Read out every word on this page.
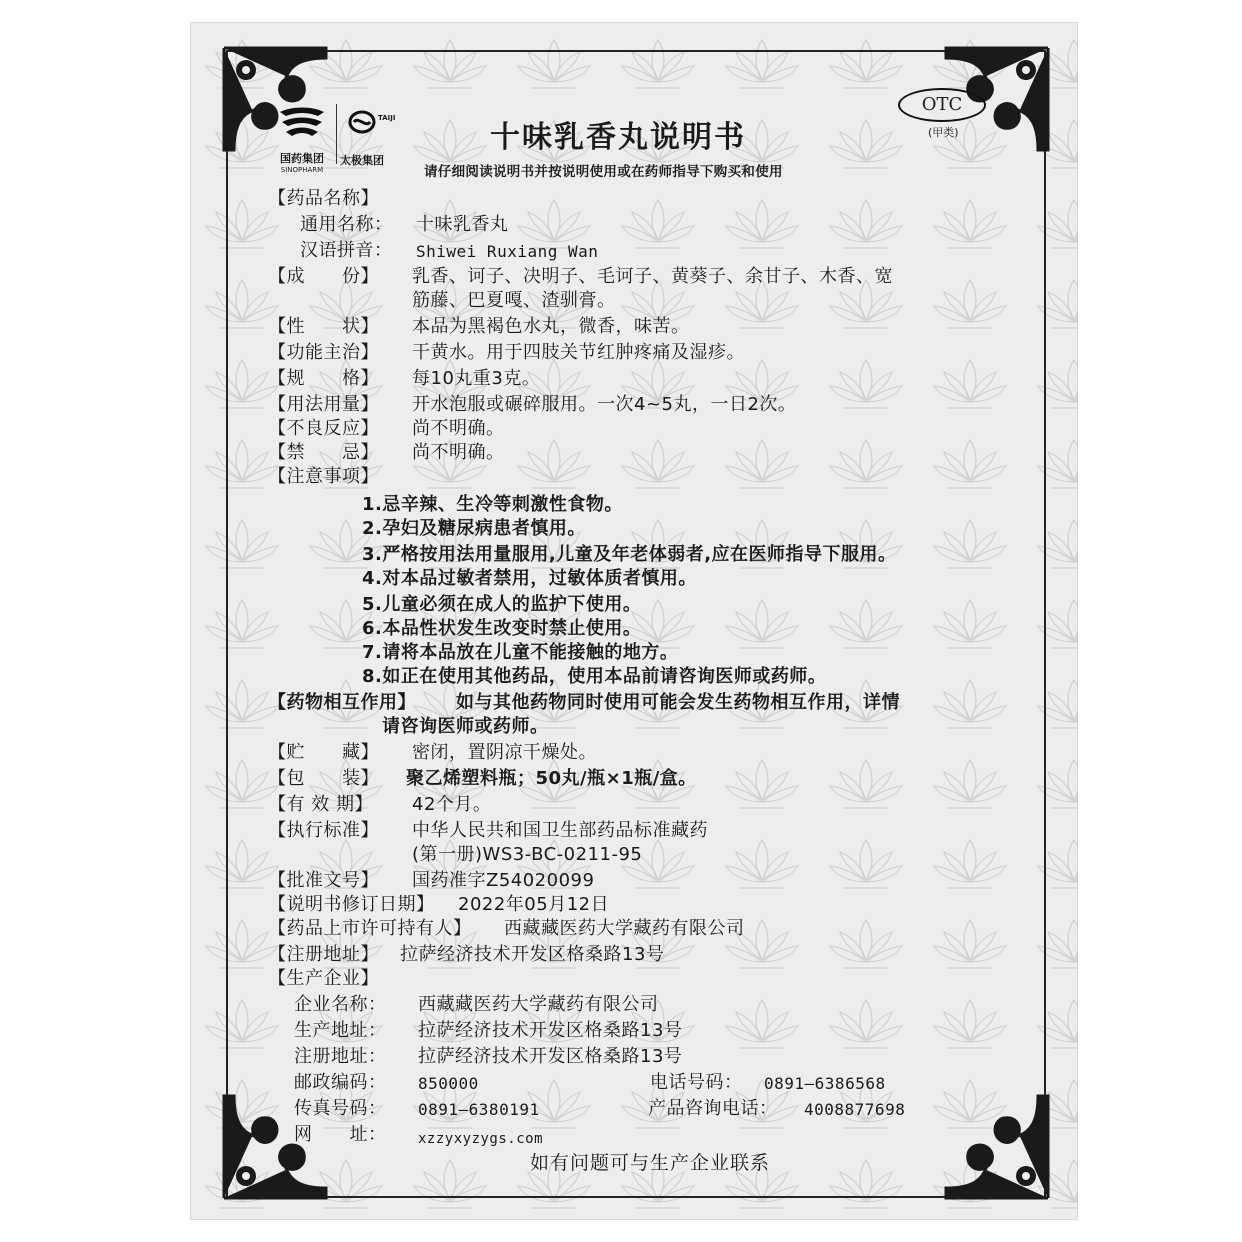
国药集团
SINOPHARM
TAIJI
太极集团
十味乳香丸说明书
请仔细阅读说明书并按说明使用或在药师指导下购买和使用
OTC
(甲类)
【药品名称】
通用名称： 十味乳香丸
汉语拼音： Shiwei Ruxiang Wan
【成　　份】 乳香、诃子、决明子、毛诃子、黄葵子、余甘子、木香、宽
筋藤、巴夏嘎、渣驯膏。
【性　　状】 本品为黑褐色水丸，微香，味苦。
【功能主治】 干黄水。用于四肢关节红肿疼痛及湿疹。
【规　　格】 每10丸重3克。
【用法用量】 开水泡服或碾碎服用。一次4~5丸，一日2次。
【不良反应】 尚不明确。
【禁　　忌】 尚不明确。
【注意事项】
1.忌辛辣、生冷等刺激性食物。
2.孕妇及糖尿病患者慎用。
3.严格按用法用量服用,儿童及年老体弱者,应在医师指导下服用。
4.对本品过敏者禁用，过敏体质者慎用。
5.儿童必须在成人的监护下使用。
6.本品性状发生改变时禁止使用。
7.请将本品放在儿童不能接触的地方。
8.如正在使用其他药品，使用本品前请咨询医师或药师。
【药物相互作用】 如与其他药物同时使用可能会发生药物相互作用，详情
请咨询医师或药师。
【贮　　藏】 密闭，置阴凉干燥处。
【包　　装】 聚乙烯塑料瓶；50丸/瓶×1瓶/盒。
【有 效 期】 42个月。
【执行标准】 中华人民共和国卫生部药品标准藏药
(第一册)WS3-BC-0211-95
【批准文号】 国药准字Z54020099
【说明书修订日期】 2022年05月12日
【药品上市许可持有人】 西藏藏医药大学藏药有限公司
【注册地址】 拉萨经济技术开发区格桑路13号
【生产企业】
企业名称： 西藏藏医药大学藏药有限公司
生产地址： 拉萨经济技术开发区格桑路13号
注册地址： 拉萨经济技术开发区格桑路13号
邮政编码： 850000	电话号码： 0891—6386568
传真号码： 0891—6380191	产品咨询电话： 4008877698
网　　址： xzzyxyzygs.com
如有问题可与生产企业联系
